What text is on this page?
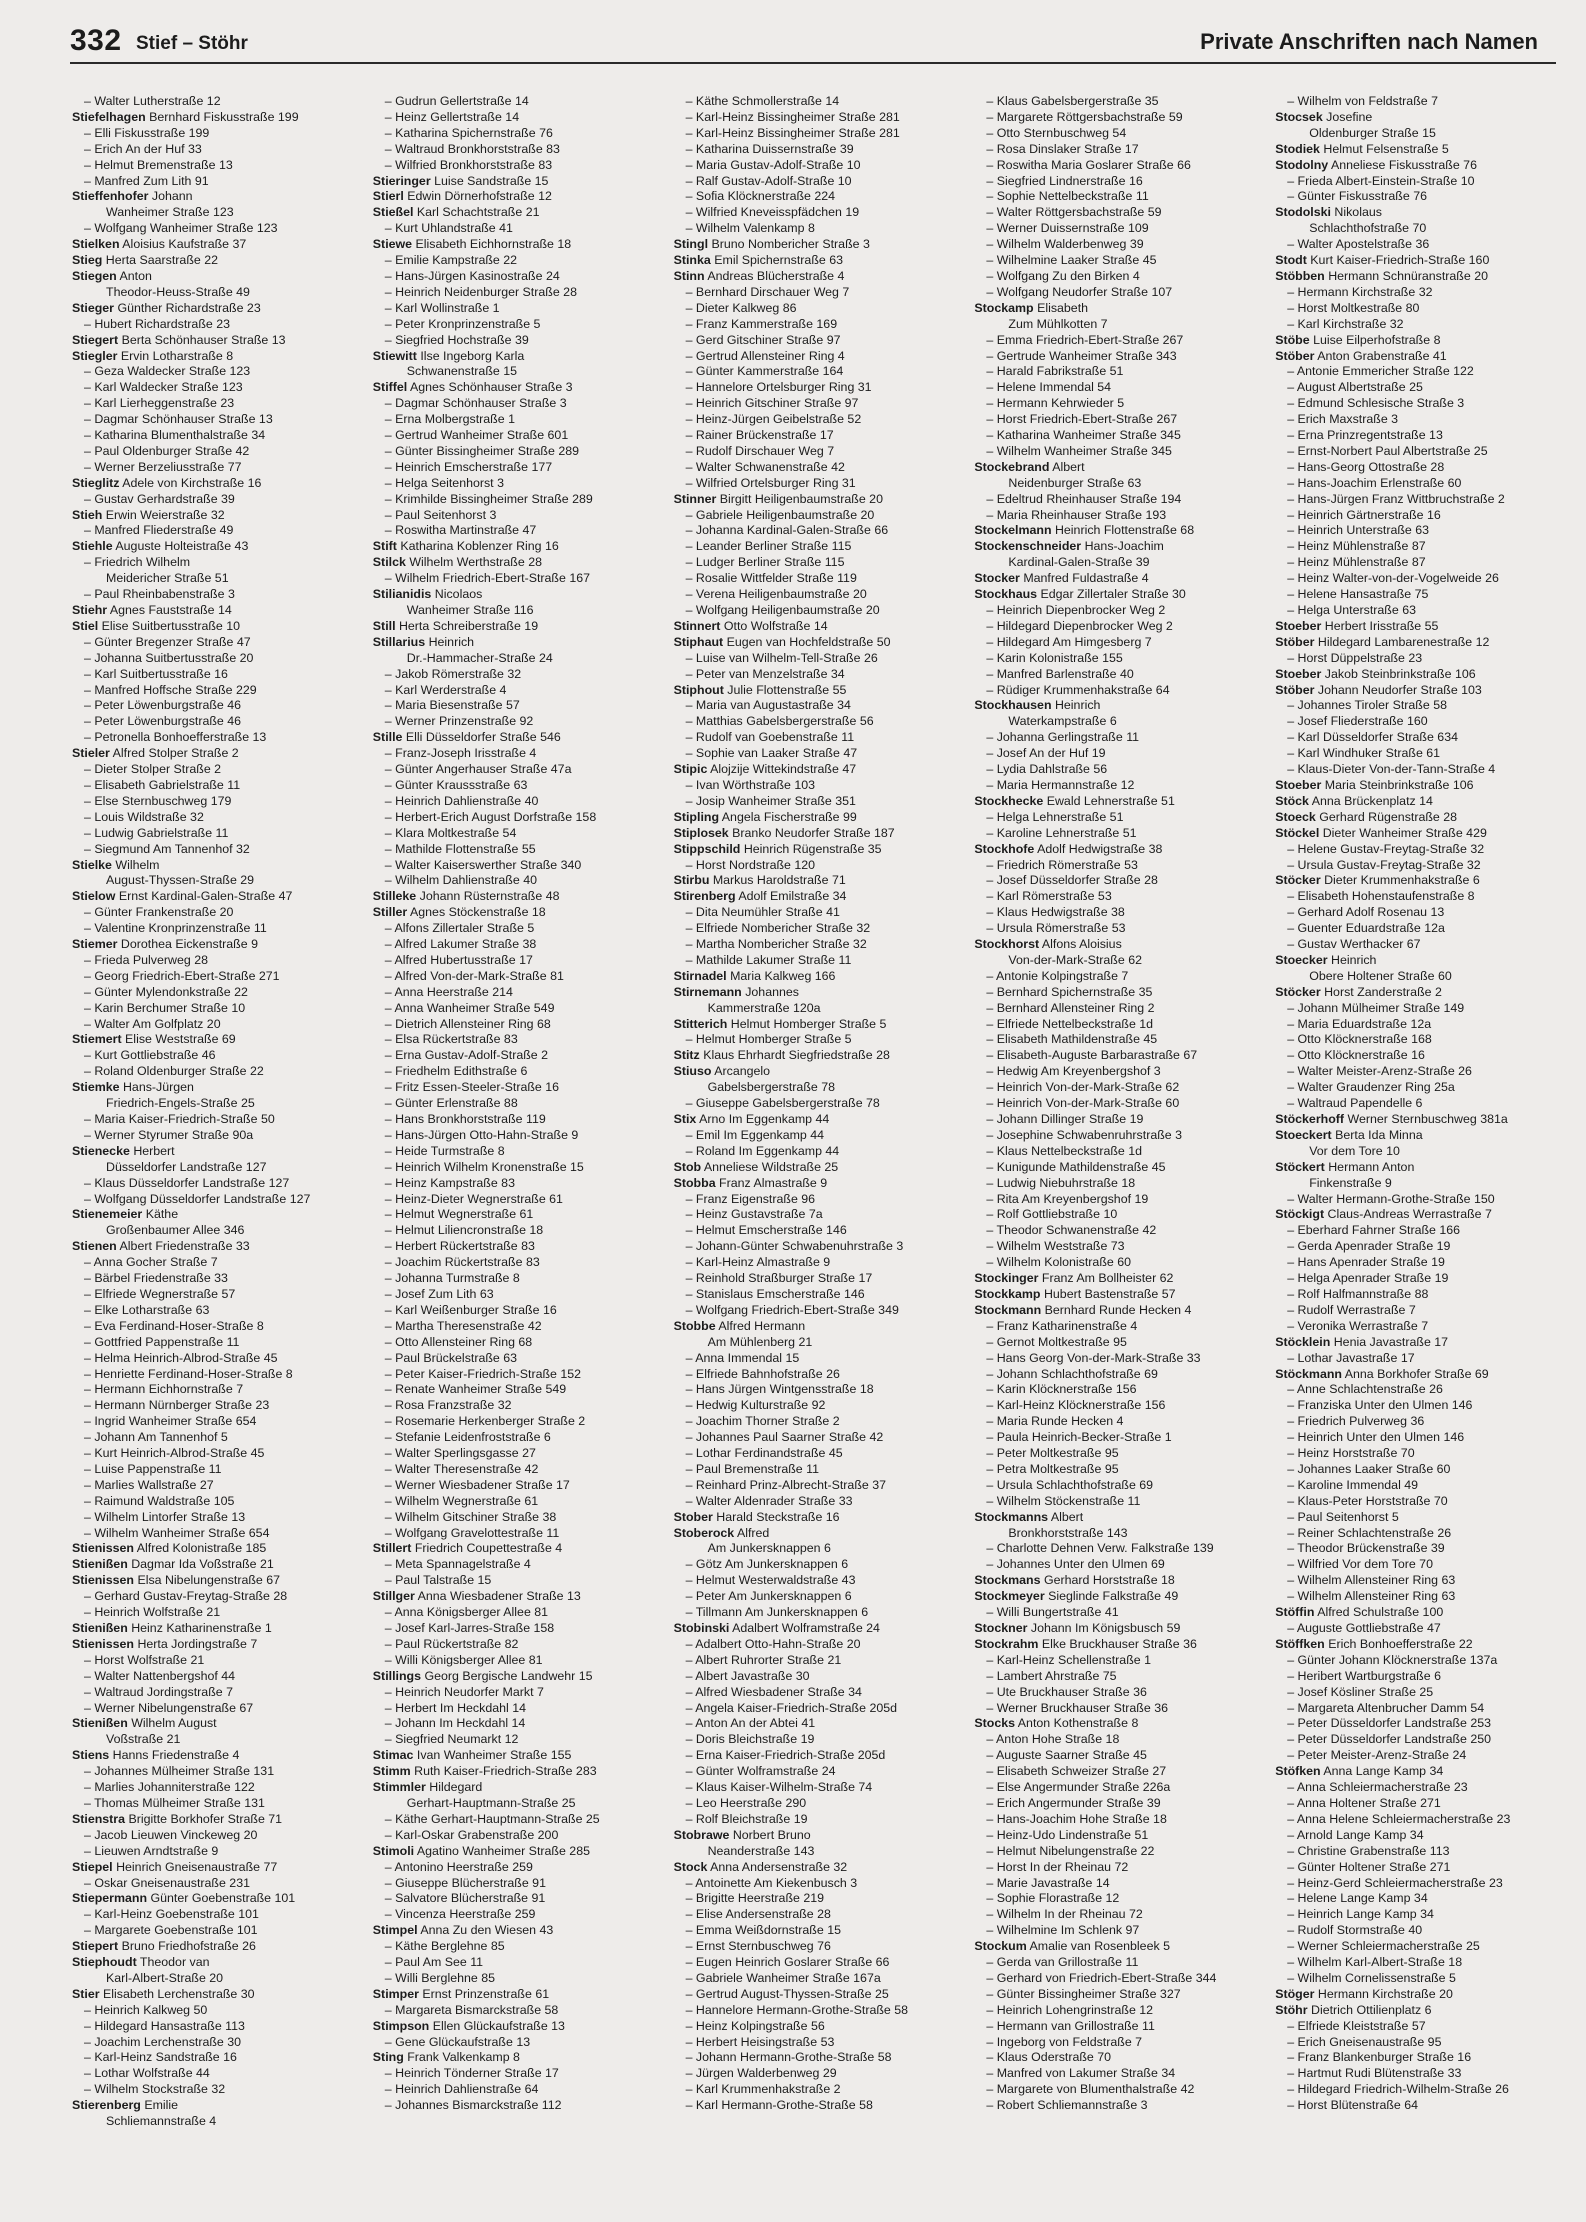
332 Stief – Stöhr	Private Anschriften nach Namen
– Walter Lutherstraße 12
Stiefelhagen Bernhard Fiskusstraße 199
– Elli Fiskusstraße 199
– Erich An der Huf 33
– Helmut Bremenstraße 13
– Manfred Zum Lith 91
Stieffenhofer Johann
Wanheimer Straße 123
– Wolfgang Wanheimer Straße 123
Stielken Aloisius Kaufstraße 37
Stieg Herta Saarstraße 22
Stiegen Anton
Theodor-Heuss-Straße 49
Stieger Günther Richardstraße 23
– Hubert Richardstraße 23
Stiegert Berta Schönhauser Straße 13
Stiegler Ervin Lotharstraße 8
– Geza Waldecker Straße 123
– Karl Waldecker Straße 123
– Karl Lierheggenstraße 23
– Dagmar Schönhauser Straße 13
– Katharina Blumenthalstraße 34
– Paul Oldenburger Straße 42
– Werner Berzeliusstraße 77
Stieglitz Adele von Kirchstraße 16
– Gustav Gerhardstraße 39
Stieh Erwin Weierstraße 32
– Manfred Fliederstraße 49
Stiehle Auguste Holteistraße 43
– Friedrich Wilhelm
Meidericher Straße 51
– Paul Rheinbabenstraße 3
Stiehr Agnes Fauststraße 14
Stiel Elise Suitbertusstraße 10
– Günter Bregenzer Straße 47
– Johanna Suitbertusstraße 20
– Karl Suitbertusstraße 16
– Manfred Hoffsche Straße 229
– Peter Löwenburgstraße 46
– Peter Löwenburgstraße 46
– Petronella Bonhoefferstraße 13
Stieler Alfred Stolper Straße 2
– Dieter Stolper Straße 2
– Elisabeth Gabrielstraße 11
– Else Sternbuschweg 179
– Louis Wildstraße 32
– Ludwig Gabrielstraße 11
– Siegmund Am Tannenhof 32
Stielke Wilhelm
August-Thyssen-Straße 29
Stielow Ernst Kardinal-Galen-Straße 47
– Günter Frankenstraße 20
– Valentine Kronprinzenstraße 11
Stiemer Dorothea Eickenstraße 9
– Frieda Pulverweg 28
– Georg Friedrich-Ebert-Straße 271
– Günter Mylendonkstraße 22
– Karin Berchumer Straße 10
– Walter Am Golfplatz 20
Stiemert Elise Weststraße 69
– Kurt Gottliebstraße 46
– Roland Oldenburger Straße 22
Stiemke Hans-Jürgen
Friedrich-Engels-Straße 25
– Maria Kaiser-Friedrich-Straße 50
– Werner Styrumer Straße 90a
Stienecke Herbert
Düsseldorfer Landstraße 127
– Klaus Düsseldorfer Landstraße 127
– Wolfgang Düsseldorfer Landstraße 127
Stienemeier Käthe
Großenbaumer Allee 346
Stienen Albert Friedenstraße 33
– Anna Gocher Straße 7
– Bärbel Friedenstraße 33
– Elfriede Wegnerstraße 57
– Elke Lotharstraße 63
– Eva Ferdinand-Hoser-Straße 8
– Gottfried Pappenstraße 11
– Helma Heinrich-Albrod-Straße 45
– Henriette Ferdinand-Hoser-Straße 8
– Hermann Eichhornstraße 7
– Hermann Nürnberger Straße 23
– Ingrid Wanheimer Straße 654
– Johann Am Tannenhof 5
– Kurt Heinrich-Albrod-Straße 45
– Luise Pappenstraße 11
– Marlies Wallstraße 27
– Raimund Waldstraße 105
– Wilhelm Lintorfer Straße 13
– Wilhelm Wanheimer Straße 654
Stienissen Alfred Kolonistraße 185
Stienißen Dagmar Ida Voßstraße 21
Stienissen Elsa Nibelungenstraße 67
– Gerhard Gustav-Freytag-Straße 28
– Heinrich Wolfstraße 21
Stienißen Heinz Katharinenstraße 1
Stienissen Herta Jordingstraße 7
– Horst Wolfstraße 21
– Walter Nattenbergshof 44
– Waltraud Jordingstraße 7
– Werner Nibelungenstraße 67
Stienißen Wilhelm August
Voßstraße 21
Stiens Hanns Friedenstraße 4
– Johannes Mülheimer Straße 131
– Marlies Johanniterstraße 122
– Thomas Mülheimer Straße 131
Stienstra Brigitte Borkhofer Straße 71
– Jacob Lieuwen Vinckeweg 20
– Lieuwen Arndtstraße 9
Stiepel Heinrich Gneisenaustraße 77
– Oskar Gneisenaustraße 231
Stiepermann Günter Goebenstraße 101
– Karl-Heinz Goebenstraße 101
– Margarete Goebenstraße 101
Stiepert Bruno Friedhofstraße 26
Stiephoudt Theodor van
Karl-Albert-Straße 20
Stier Elisabeth Lerchenstraße 30
– Heinrich Kalkweg 50
– Hildegard Hansastraße 113
– Joachim Lerchenstraße 30
– Karl-Heinz Sandstraße 16
– Lothar Wolfstraße 44
– Wilhelm Stockstraße 32
Stierenberg Emilie
Schliemannstraße 4
– Gudrun Gellertstraße 14
– Heinz Gellertstraße 14
– Katharina Spichernstraße 76
– Waltraud Bronkhorststraße 83
– Wilfried Bronkhorststraße 83
Stieringer Luise Sandstraße 15
Stierl Edwin Dörnerhofstraße 12
Stießel Karl Schachtstraße 21
– Kurt Uhlandstraße 41
Stiewe Elisabeth Eichhornstraße 18
– Emilie Kampstraße 22
– Hans-Jürgen Kasinostraße 24
– Heinrich Neidenburger Straße 28
– Karl Wollinstraße 1
– Peter Kronprinzenstraße 5
– Siegfried Hochstraße 39
Stiewitt Ilse Ingeborg Karla
Schwanenstraße 15
Stiffel Agnes Schönhauser Straße 3
– Dagmar Schönhauser Straße 3
– Erna Molbergstraße 1
– Gertrud Wanheimer Straße 601
– Günter Bissingheimer Straße 289
– Heinrich Emscherstraße 177
– Helga Seitenhorst 3
– Krimhilde Bissingheimer Straße 289
– Paul Seitenhorst 3
– Roswitha Martinstraße 47
Stift Katharina Koblenzer Ring 16
Stilck Wilhelm Werthstraße 28
– Wilhelm Friedrich-Ebert-Straße 167
Stilianidis Nicolaos
Wanheimer Straße 116
Still Herta Schreiberstraße 19
Stillarius Heinrich
Dr.-Hammacher-Straße 24
– Jakob Römerstraße 32
– Karl Werderstraße 4
– Maria Biesenstraße 57
– Werner Prinzenstraße 92
Stille Elli Düsseldorfer Straße 546
– Franz-Joseph Irisstraße 4
– Günter Angerhauser Straße 47a
– Günter Kraussstraße 63
– Heinrich Dahlienstraße 40
– Herbert-Erich August Dorfstraße 158
– Klara Moltkestraße 54
– Mathilde Flottenstraße 55
– Walter Kaiserswerther Straße 340
– Wilhelm Dahlienstraße 40
Stilleke Johann Rüsternstraße 48
Stiller Agnes Stöckenstraße 18
– Alfons Zillertaler Straße 5
– Alfred Lakumer Straße 38
– Alfred Hubertusstraße 17
– Alfred Von-der-Mark-Straße 81
– Anna Heerstraße 214
– Anna Wanheimer Straße 549
– Dietrich Allensteiner Ring 68
– Elsa Rückertstraße 83
– Erna Gustav-Adolf-Straße 2
– Friedhelm Edithstraße 6
– Fritz Essen-Steeler-Straße 16
– Günter Erlenstraße 88
– Hans Bronkhorststraße 119
– Hans-Jürgen Otto-Hahn-Straße 9
– Heide Turmstraße 8
– Heinrich Wilhelm Kronenstraße 15
– Heinz Kampstraße 83
– Heinz-Dieter Wegnerstraße 61
– Helmut Wegnerstraße 61
– Helmut Liliencronstraße 18
– Herbert Rückertstraße 83
– Joachim Rückertstraße 83
– Johanna Turmstraße 8
– Josef Zum Lith 63
– Karl Weißenburger Straße 16
– Martha Theresenstraße 42
– Otto Allensteiner Ring 68
– Paul Brückelstraße 63
– Peter Kaiser-Friedrich-Straße 152
– Renate Wanheimer Straße 549
– Rosa Franzstraße 32
– Rosemarie Herkenberger Straße 2
– Stefanie Leidenfroststraße 6
– Walter Sperlingsgasse 27
– Walter Theresenstraße 42
– Werner Wiesbadener Straße 17
– Wilhelm Wegnerstraße 61
– Wilhelm Gitschiner Straße 38
– Wolfgang Gravelottestraße 11
Stillert Friedrich Coupettestraße 4
– Meta Spannagelstraße 4
– Paul Talstraße 15
Stillger Anna Wiesbadener Straße 13
– Anna Königsberger Allee 81
– Josef Karl-Jarres-Straße 158
– Paul Rückertstraße 82
– Willi Königsberger Allee 81
Stillings Georg Bergische Landwehr 15
– Heinrich Neudorfer Markt 7
– Herbert Im Heckdahl 14
– Johann Im Heckdahl 14
– Siegfried Neumarkt 12
Stimac Ivan Wanheimer Straße 155
Stimm Ruth Kaiser-Friedrich-Straße 283
Stimmler Hildegard
Gerhart-Hauptmann-Straße 25
– Käthe Gerhart-Hauptmann-Straße 25
– Karl-Oskar Grabenstraße 200
Stimoli Agatino Wanheimer Straße 285
– Antonino Heerstraße 259
– Giuseppe Blücherstraße 91
– Salvatore Blücherstraße 91
– Vincenza Heerstraße 259
Stimpel Anna Zu den Wiesen 43
– Käthe Berglehne 85
– Paul Am See 11
– Willi Berglehne 85
Stimper Ernst Prinzenstraße 61
– Margareta Bismarckstraße 58
Stimpson Ellen Glückaufstraße 13
– Gene Glückaufstraße 13
Sting Frank Valkenkamp 8
– Heinrich Tönderner Straße 17
– Heinrich Dahlienstraße 64
– Johannes Bismarckstraße 112
– Käthe Schmollerstraße 14
– Karl-Heinz Bissingheimer Straße 281
– Karl-Heinz Bissingheimer Straße 281
– Katharina Duissernstraße 39
– Maria Gustav-Adolf-Straße 10
– Ralf Gustav-Adolf-Straße 10
– Sofia Klöcknerstraße 224
– Wilfried Kneveisspfädchen 19
– Wilhelm Valenkamp 8
Stingl Bruno Nombericher Straße 3
Stinka Emil Spichernstraße 63
Stinn Andreas Blücherstraße 4
– Bernhard Dirschauer Weg 7
– Dieter Kalkweg 86
– Franz Kammerstraße 169
– Gerd Gitschiner Straße 97
– Gertrud Allensteiner Ring 4
– Günter Kammerstraße 164
– Hannelore Ortelsburger Ring 31
– Heinrich Gitschiner Straße 97
– Heinz-Jürgen Geibelstraße 52
– Rainer Brückenstraße 17
– Rudolf Dirschauer Weg 7
– Walter Schwanenstraße 42
– Wilfried Ortelsburger Ring 31
Stinner Birgitt Heiligenbaumstraße 20
– Gabriele Heiligenbaumstraße 20
– Johanna Kardinal-Galen-Straße 66
– Leander Berliner Straße 115
– Ludger Berliner Straße 115
– Rosalie Wittfelder Straße 119
– Verena Heiligenbaumstraße 20
– Wolfgang Heiligenbaumstraße 20
Stinnert Otto Wolfstraße 14
Stiphaut Eugen van Hochfeldstraße 50
– Luise van Wilhelm-Tell-Straße 26
– Peter van Menzelstraße 34
Stiphout Julie Flottenstraße 55
– Maria van Augustastraße 34
– Matthias Gabelsbergerstraße 56
– Rudolf van Goebenstraße 11
– Sophie van Laaker Straße 47
Stipic Alojzije Wittekindstraße 47
– Ivan Wörthstraße 103
– Josip Wanheimer Straße 351
Stipling Angela Fischerstraße 99
Stiplosek Branko Neudorfer Straße 187
Stippschild Heinrich Rügenstraße 35
– Horst Nordstraße 120
Stirbu Markus Haroldstraße 71
Stirenberg Adolf Emilstraße 34
– Dita Neumühler Straße 41
– Elfriede Nombericher Straße 32
– Martha Nombericher Straße 32
– Mathilde Lakumer Straße 11
Stirnadel Maria Kalkweg 166
Stirnemann Johannes
Kammerstraße 120a
Stitterich Helmut Homberger Straße 5
– Helmut Homberger Straße 5
Stitz Klaus Ehrhardt Siegfriedstraße 28
Stiuso Arcangelo
Gabelsbergerstraße 78
– Giuseppe Gabelsbergerstraße 78
Stix Arno Im Eggenkamp 44
– Emil Im Eggenkamp 44
– Roland Im Eggenkamp 44
Stob Anneliese Wildstraße 25
Stobba Franz Almastraße 9
– Franz Eigenstraße 96
– Heinz Gustavstraße 7a
– Helmut Emscherstraße 146
– Johann-Günter Schwabenuhrstraße 3
– Karl-Heinz Almastraße 9
– Reinhold Straßburger Straße 17
– Stanislaus Emscherstraße 146
– Wolfgang Friedrich-Ebert-Straße 349
Stobbe Alfred Hermann
Am Mühlenberg 21
– Anna Immendal 15
– Elfriede Bahnhofstraße 26
– Hans Jürgen Wintgensstraße 18
– Hedwig Kulturstraße 92
– Joachim Thorner Straße 2
– Johannes Paul Saarner Straße 42
– Lothar Ferdinandstraße 45
– Paul Bremenstraße 11
– Reinhard Prinz-Albrecht-Straße 37
– Walter Aldenrader Straße 33
Stober Harald Steckstraße 16
Stoberock Alfred
Am Junkersknappen 6
– Götz Am Junkersknappen 6
– Helmut Westerwaldstraße 43
– Peter Am Junkersknappen 6
– Tillmann Am Junkersknappen 6
Stobinski Adalbert Wolframstraße 24
– Adalbert Otto-Hahn-Straße 20
– Albert Ruhrorter Straße 21
– Albert Javastraße 30
– Alfred Wiesbadener Straße 34
– Angela Kaiser-Friedrich-Straße 205d
– Anton An der Abtei 41
– Doris Bleichstraße 19
– Erna Kaiser-Friedrich-Straße 205d
– Günter Wolframstraße 24
– Klaus Kaiser-Wilhelm-Straße 74
– Leo Heerstraße 290
– Rolf Bleichstraße 19
Stobrawe Norbert Bruno
Neanderstraße 143
Stock Anna Andersenstraße 32
– Antoinette Am Kiekenbusch 3
– Brigitte Heerstraße 219
– Elise Andersenstraße 28
– Emma Weißdornstraße 15
– Ernst Sternbuschweg 76
– Eugen Heinrich Goslarer Straße 66
– Gabriele Wanheimer Straße 167a
– Gertrud August-Thyssen-Straße 25
– Hannelore Hermann-Grothe-Straße 58
– Heinz Kolpingstraße 56
– Herbert Heisingstraße 53
– Johann Hermann-Grothe-Straße 58
– Jürgen Walderbenweg 29
– Karl Krummenhakstraße 2
– Karl Hermann-Grothe-Straße 58
– Klaus Gabelsbergerstraße 35
– Margarete Röttgersbachstraße 59
– Otto Sternbuschweg 54
– Rosa Dinslaker Straße 17
– Roswitha Maria Goslarer Straße 66
– Siegfried Lindnerstraße 16
– Sophie Nettelbeckstraße 11
– Walter Röttgersbachstraße 59
– Werner Duissernstraße 109
– Wilhelm Walderbenweg 39
– Wilhelmine Laaker Straße 45
– Wolfgang Zu den Birken 4
– Wolfgang Neudorfer Straße 107
Stockamp Elisabeth
Zum Mühlkotten 7
– Emma Friedrich-Ebert-Straße 267
– Gertrude Wanheimer Straße 343
– Harald Fabrikstraße 51
– Helene Immendal 54
– Hermann Kehrwieder 5
– Horst Friedrich-Ebert-Straße 267
– Katharina Wanheimer Straße 345
– Wilhelm Wanheimer Straße 345
Stockebrand Albert
Neidenburger Straße 63
– Edeltrud Rheinhauser Straße 194
– Maria Rheinhauser Straße 193
Stockelmann Heinrich Flottenstraße 68
Stockenschneider Hans-Joachim
Kardinal-Galen-Straße 39
Stocker Manfred Fuldastraße 4
Stockhaus Edgar Zillertaler Straße 30
– Heinrich Diepenbrocker Weg 2
– Hildegard Diepenbrocker Weg 2
– Hildegard Am Himgesberg 7
– Karin Kolonistraße 155
– Manfred Barlenstraße 40
– Rüdiger Krummenhakstraße 64
Stockhausen Heinrich
Waterkampstraße 6
– Johanna Gerlingstraße 11
– Josef An der Huf 19
– Lydia Dahlstraße 56
– Maria Hermannstraße 12
Stockhecke Ewald Lehnerstraße 51
– Helga Lehnerstraße 51
– Karoline Lehnerstraße 51
Stockhofe Adolf Hedwigstraße 38
– Friedrich Römerstraße 53
– Josef Düsseldorfer Straße 28
– Karl Römerstraße 53
– Klaus Hedwigstraße 38
– Ursula Römerstraße 53
Stockhorst Alfons Aloisius
Von-der-Mark-Straße 62
– Antonie Kolpingstraße 7
– Bernhard Spichernstraße 35
– Bernhard Allensteiner Ring 2
– Elfriede Nettelbeckstraße 1d
– Elisabeth Mathildenstraße 45
– Elisabeth-Auguste Barbarastraße 67
– Hedwig Am Kreyenbergshof 3
– Heinrich Von-der-Mark-Straße 62
– Heinrich Von-der-Mark-Straße 60
– Johann Dillinger Straße 19
– Josephine Schwabenruhrstraße 3
– Klaus Nettelbeckstraße 1d
– Kunigunde Mathildenstraße 45
– Ludwig Niebuhrstraße 18
– Rita Am Kreyenbergshof 19
– Rolf Gottliebstraße 10
– Theodor Schwanenstraße 42
– Wilhelm Weststraße 73
– Wilhelm Kolonistraße 60
Stockinger Franz Am Bollheister 62
Stockkamp Hubert Bastenstraße 57
Stockmann Bernhard Runde Hecken 4
– Franz Katharinenstraße 4
– Gernot Moltkestraße 95
– Hans Georg Von-der-Mark-Straße 33
– Johann Schlachthofstraße 69
– Karin Klöcknerstraße 156
– Karl-Heinz Klöcknerstraße 156
– Maria Runde Hecken 4
– Paula Heinrich-Becker-Straße 1
– Peter Moltkestraße 95
– Petra Moltkestraße 95
– Ursula Schlachthofstraße 69
– Wilhelm Stöckenstraße 11
Stockmanns Albert
Bronkhorststraße 143
– Charlotte Dehnen Verw. Falkstraße 139
– Johannes Unter den Ulmen 69
Stockmans Gerhard Horststraße 18
Stockmeyer Sieglinde Falkstraße 49
– Willi Bungertstraße 41
Stockner Johann Im Königsbusch 59
Stockrahm Elke Bruckhauser Straße 36
– Karl-Heinz Schellenstraße 1
– Lambert Ahrstraße 75
– Ute Bruckhauser Straße 36
– Werner Bruckhauser Straße 36
Stocks Anton Kothenstraße 8
– Anton Hohe Straße 18
– Auguste Saarner Straße 45
– Elisabeth Schweizer Straße 27
– Else Angermunder Straße 226a
– Erich Angermunder Straße 39
– Hans-Joachim Hohe Straße 18
– Heinz-Udo Lindenstraße 51
– Helmut Nibelungenstraße 22
– Horst In der Rheinau 72
– Marie Javastraße 14
– Sophie Florastraße 12
– Wilhelm In der Rheinau 72
– Wilhelmine Im Schlenk 97
Stockum Amalie van Rosenbleek 5
– Gerda van Grillostraße 11
– Gerhard von Friedrich-Ebert-Straße 344
– Günter Bissingheimer Straße 327
– Heinrich Lohengrinstraße 12
– Hermann van Grillostraße 11
– Ingeborg von Feldstraße 7
– Klaus Oderstraße 70
– Manfred von Lakumer Straße 34
– Margarete von Blumenthalstraße 42
– Robert Schliemannstraße 3
– Wilhelm von Feldstraße 7
Stocsek Josefine
Oldenburger Straße 15
Stodiek Helmut Felsenstraße 5
Stodolny Anneliese Fiskusstraße 76
– Frieda Albert-Einstein-Straße 10
– Günter Fiskusstraße 76
Stodolski Nikolaus
Schlachthofstraße 70
– Walter Apostelstraße 36
Stodt Kurt Kaiser-Friedrich-Straße 160
Stöbben Hermann Schnüranstraße 20
– Hermann Kirchstraße 32
– Horst Moltkestraße 80
– Karl Kirchstraße 32
Stöbe Luise Eilperhofstraße 8
Stöber Anton Grabenstraße 41
– Antonie Emmericher Straße 122
– August Albertstraße 25
– Edmund Schlesische Straße 3
– Erich Maxstraße 3
– Erna Prinzregentstraße 13
– Ernst-Norbert Paul Albertstraße 25
– Hans-Georg Ottostraße 28
– Hans-Joachim Erlenstraße 60
– Hans-Jürgen Franz Wittbruchstraße 2
– Heinrich Gärtnerstraße 16
– Heinrich Unterstraße 63
– Heinz Mühlenstraße 87
– Heinz Mühlenstraße 87
– Heinz Walter-von-der-Vogelweide 26
– Helene Hansastraße 75
– Helga Unterstraße 63
Stoeber Herbert Irisstraße 55
Stöber Hildegard Lambarenestraße 12
– Horst Düppelstraße 23
Stoeber Jakob Steinbrinkstraße 106
Stöber Johann Neudorfer Straße 103
– Johannes Tiroler Straße 58
– Josef Fliederstraße 160
– Karl Düsseldorfer Straße 634
– Karl Windhuker Straße 61
– Klaus-Dieter Von-der-Tann-Straße 4
Stoeber Maria Steinbrinkstraße 106
Stöck Anna Brückenplatz 14
Stoeck Gerhard Rügenstraße 28
Stöckel Dieter Wanheimer Straße 429
– Helene Gustav-Freytag-Straße 32
– Ursula Gustav-Freytag-Straße 32
Stöcker Dieter Krummenhakstraße 6
– Elisabeth Hohenstaufenstraße 8
– Gerhard Adolf Rosenau 13
– Guenter Eduardstraße 12a
– Gustav Werthacker 67
Stoecker Heinrich
Obere Holtener Straße 60
Stöcker Horst Zanderstraße 2
– Johann Mülheimer Straße 149
– Maria Eduardstraße 12a
– Otto Klöcknerstraße 168
– Otto Klöcknerstraße 16
– Walter Meister-Arenz-Straße 26
– Walter Graudenzer Ring 25a
– Waltraud Papendelle 6
Stöckerhoff Werner Sternbuschweg 381a
Stoeckert Berta Ida Minna
Vor dem Tore 10
Stöckert Hermann Anton
Finkenstraße 9
– Walter Hermann-Grothe-Straße 150
Stöckigt Claus-Andreas Werrastraße 7
– Eberhard Fahrner Straße 166
– Gerda Apenrader Straße 19
– Hans Apenrader Straße 19
– Helga Apenrader Straße 19
– Rolf Halfmannstraße 88
– Rudolf Werrastraße 7
– Veronika Werrastraße 7
Stöcklein Henia Javastraße 17
– Lothar Javastraße 17
Stöckmann Anna Borkhofer Straße 69
– Anne Schlachtenstraße 26
– Franziska Unter den Ulmen 146
– Friedrich Pulverweg 36
– Heinrich Unter den Ulmen 146
– Heinz Horststraße 70
– Johannes Laaker Straße 60
– Karoline Immendal 49
– Klaus-Peter Horststraße 70
– Paul Seitenhorst 5
– Reiner Schlachtenstraße 26
– Theodor Brückenstraße 39
– Wilfried Vor dem Tore 70
– Wilhelm Allensteiner Ring 63
– Wilhelm Allensteiner Ring 63
Stöffin Alfred Schulstraße 100
– Auguste Gottliebstraße 47
Stöffken Erich Bonhoefferstraße 22
– Günter Johann Klöcknerstraße 137a
– Heribert Wartburgstraße 6
– Josef Kösliner Straße 25
– Margareta Altenbrucher Damm 54
– Peter Düsseldorfer Landstraße 253
– Peter Düsseldorfer Landstraße 250
– Peter Meister-Arenz-Straße 24
Stöfken Anna Lange Kamp 34
– Anna Schleiermacherstraße 23
– Anna Holtener Straße 271
– Anna Helene Schleiermacherstraße 23
– Arnold Lange Kamp 34
– Christine Grabenstraße 113
– Günter Holtener Straße 271
– Heinz-Gerd Schleiermacherstraße 23
– Helene Lange Kamp 34
– Heinrich Lange Kamp 34
– Rudolf Stormstraße 40
– Werner Schleiermacherstraße 25
– Wilhelm Karl-Albert-Straße 18
– Wilhelm Cornelissenstraße 5
Stöger Hermann Kirchstraße 20
Stöhr Dietrich Ottilienplatz 6
– Elfriede Kleiststraße 57
– Erich Gneisenaustraße 95
– Franz Blankenburger Straße 16
– Hartmut Rudi Blütenstraße 33
– Hildegard Friedrich-Wilhelm-Straße 26
– Horst Blütenstraße 64
